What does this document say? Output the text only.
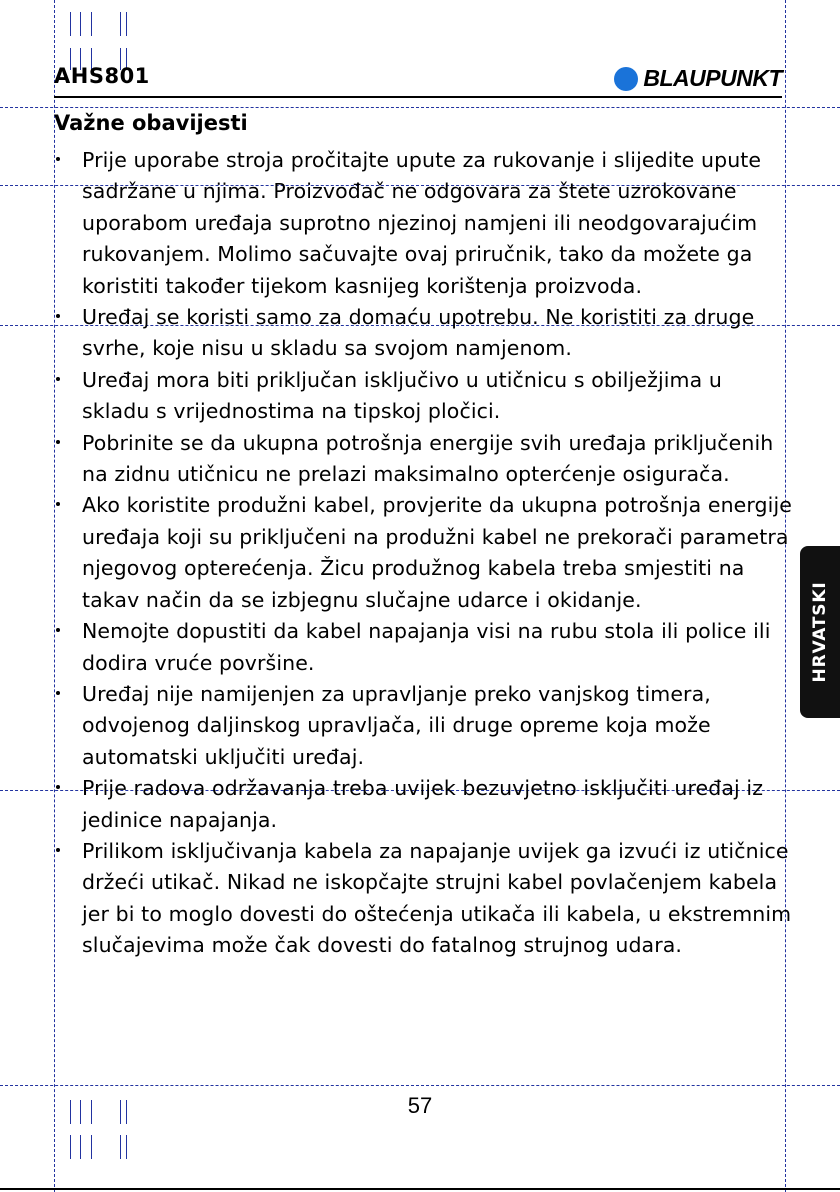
AHS801	BLAUPUNKT
Važne obavijesti
Prije uporabe stroja pročitajte upute za rukovanje i slijedite upute sadržane u njima. Proizvođač ne odgovara za štete uzrokovane uporabom uređaja suprotno njezinoj namjeni ili neodgovarajućim rukovanjem. Molimo sačuvajte ovaj priručnik, tako da možete ga koristiti također tijekom kasnijeg korištenja proizvoda.
Uređaj se koristi samo za domaću upotrebu. Ne koristiti za druge svrhe, koje nisu u skladu sa svojom namjenom.
Uređaj mora biti priključan isključivo u utičnicu s obilježjima u skladu s vrijednostima na tipskoj pločici.
Pobrinite se da ukupna potrošnja energije svih uređaja priključenih na zidnu utičnicu ne prelazi maksimalno opterćenje osigurača.
Ako koristite produžni kabel, provjerite da ukupna potrošnja energije uređaja koji su priključeni na produžni kabel ne prekorači parametra njegovog opterećenja. Žicu produžnog kabela treba smjestiti na takav način da se izbjegnu slučajne udarce i okidanje.
Nemojte dopustiti da kabel napajanja visi na rubu stola ili police ili dodira vruće površine.
Uređaj nije namijenjen za upravljanje preko vanjskog timera, odvojenog daljinskog upravljača, ili druge opreme koja može automatski uključiti uređaj.
Prije radova održavanja treba uvijek bezuvjetno isključiti uređaj iz jedinice napajanja.
Prilikom isključivanja kabela za napajanje uvijek ga izvući iz utičnice držeći utikač. Nikad ne iskopčajte strujni kabel povlačenjem kabela jer bi to moglo dovesti do oštećenja utikača ili kabela, u ekstremnim slučajevima može čak dovesti do fatalnog strujnog udara.
57
HRVATSKI
